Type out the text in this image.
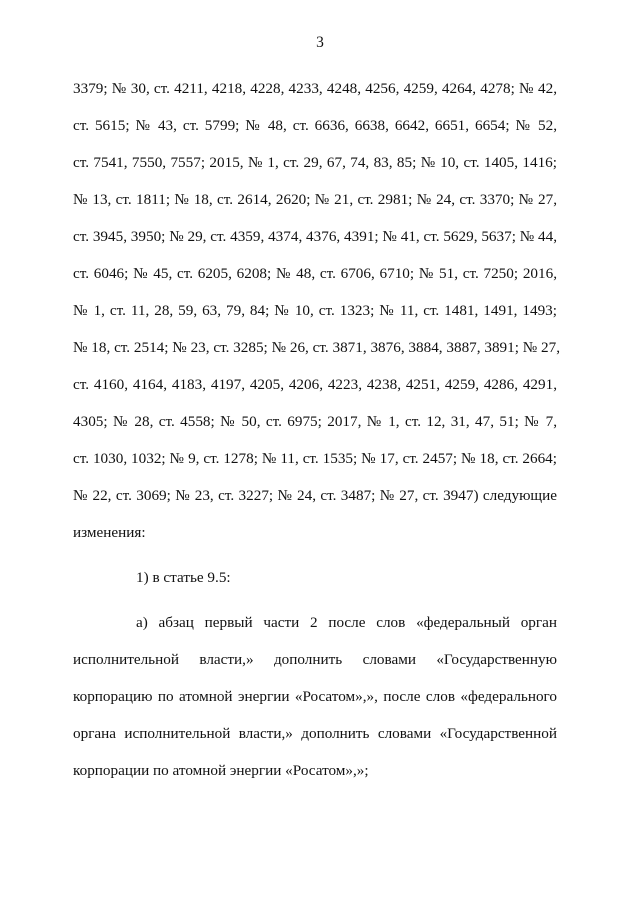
3
3379; № 30, ст. 4211, 4218, 4228, 4233, 4248, 4256, 4259, 4264, 4278; № 42,
ст. 5615; № 43, ст. 5799; № 48, ст. 6636, 6638, 6642, 6651, 6654; № 52,
ст. 7541, 7550, 7557; 2015, № 1, ст. 29, 67, 74, 83, 85; № 10, ст. 1405, 1416;
№ 13, ст. 1811; № 18, ст. 2614, 2620; № 21, ст. 2981; № 24, ст. 3370; № 27,
ст. 3945, 3950; № 29, ст. 4359, 4374, 4376, 4391; № 41, ст. 5629, 5637; № 44,
ст. 6046; № 45, ст. 6205, 6208; № 48, ст. 6706, 6710; № 51, ст. 7250; 2016,
№ 1, ст. 11, 28, 59, 63, 79, 84; № 10, ст. 1323; № 11, ст. 1481, 1491, 1493;
№ 18, ст. 2514; № 23, ст. 3285; № 26, ст. 3871, 3876, 3884, 3887, 3891; № 27,
ст. 4160, 4164, 4183, 4197, 4205, 4206, 4223, 4238, 4251, 4259, 4286, 4291,
4305; № 28, ст. 4558; № 50, ст. 6975; 2017, № 1, ст. 12, 31, 47, 51; № 7,
ст. 1030, 1032; № 9, ст. 1278; № 11, ст. 1535; № 17, ст. 2457; № 18, ст. 2664;
№ 22, ст. 3069; № 23, ст. 3227; № 24, ст. 3487; № 27, ст. 3947) следующие
изменения:
1) в статье 9.5:
а) абзац первый части 2 после слов «федеральный орган
исполнительной власти,» дополнить словами «Государственную
корпорацию по атомной энергии «Росатом»,», после слов «федерального
органа исполнительной власти,» дополнить словами «Государственной
корпорации по атомной энергии «Росатом»,»;
